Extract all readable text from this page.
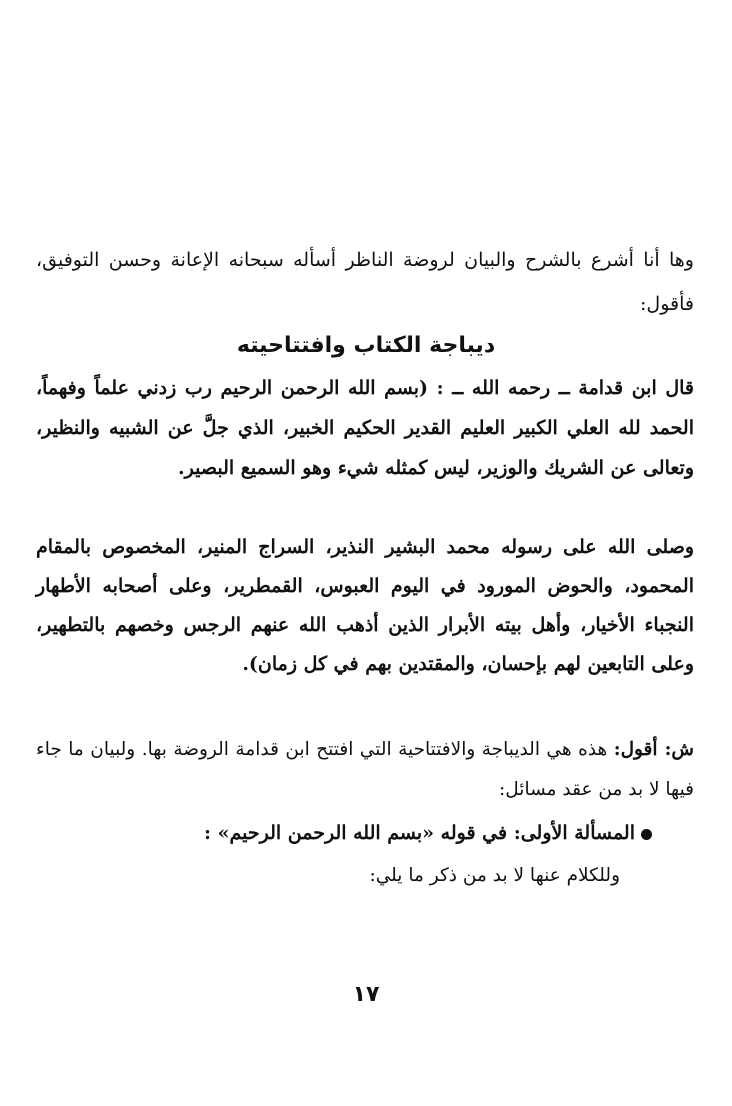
وها أنا أشرع بالشرح والبيان لروضة الناظر أسأله سبحانه الإعانة وحسن التوفيق، فأقول:
ديباجة الكتاب وافتتاحيته
قال ابن قدامة ــ رحمه الله ــ : (بسم الله الرحمن الرحيم رب زدني علماً وفهماً، الحمد لله العلي الكبير العليم القدير الحكيم الخبير، الذي جلَّ عن الشبيه والنظير، وتعالى عن الشريك والوزير، ليس كمثله شيء وهو السميع البصير.
وصلى الله على رسوله محمد البشير النذير، السراج المنير، المخصوص بالمقام المحمود، والحوض المورود في اليوم العبوس، القمطرير، وعلى أصحابه الأطهار النجباء الأخيار، وأهل بيته الأبرار الذين أذهب الله عنهم الرجس وخصهم بالتطهير، وعلى التابعين لهم بإحسان، والمقتدين بهم في كل زمان).
ش: أقول: هذه هي الديباجة والافتتاحية التي افتتح ابن قدامة الروضة بها. ولبيان ما جاء فيها لا بد من عقد مسائل:
المسألة الأولى: في قوله «بسم الله الرحمن الرحيم» :
وللكلام عنها لا بد من ذكر ما يلي:
١٧
